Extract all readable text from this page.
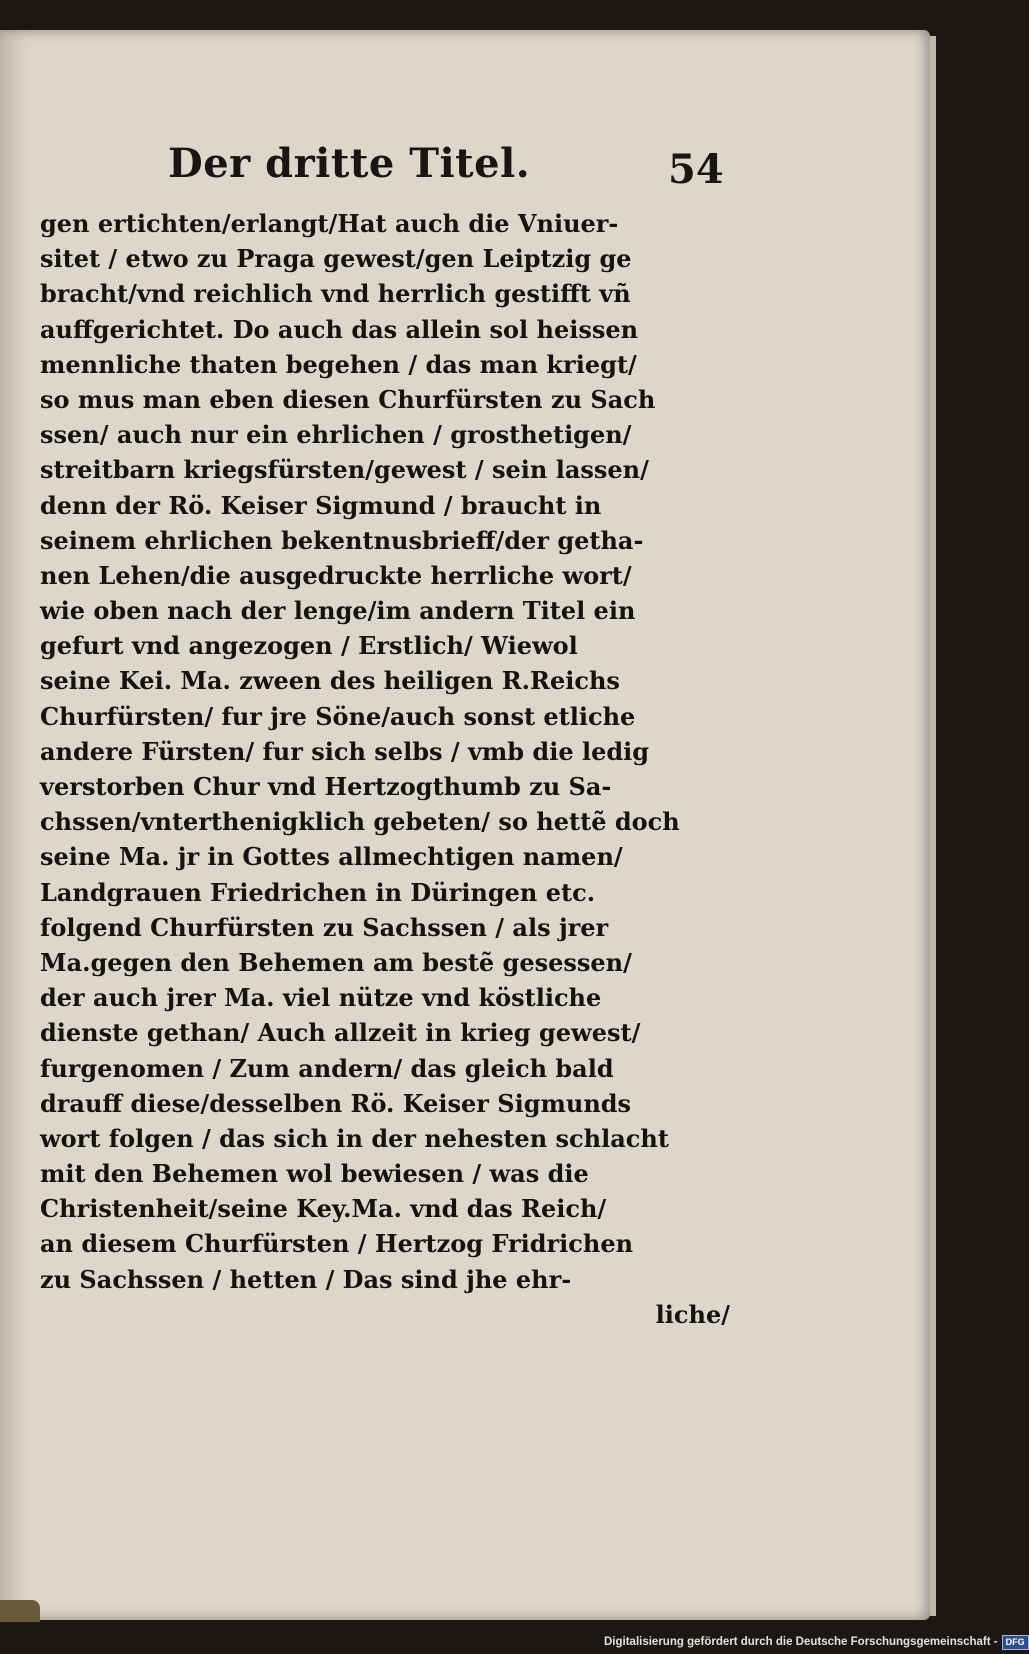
Der dritte Titel.	54
gen ertichten/erlangt/Hat auch die Vniuer-
sitet / etwo zu Praga gewest/gen Leiptzig ge
bracht/vnd reichlich vnd herrlich gestifft vñ
auffgerichtet. Do auch das allein sol heissen
mennliche thaten begehen / das man kriegt/
so mus man eben diesen Churfürsten zu Sach
ssen/ auch nur ein ehrlichen / grosthetigen/
streitbarn kriegsfürsten/gewest / sein lassen/
denn der Rö. Keiser Sigmund / braucht in
seinem ehrlichen bekentnusbrieff/der getha-
nen Lehen/die ausgedruckte herrliche wort/
wie oben nach der lenge/im andern Titel ein
gefurt vnd angezogen / Erstlich/ Wiewol
seine Kei. Ma. zween des heiligen R.Reichs
Churfürsten/ fur jre Söne/auch sonst etliche
andere Fürsten/ fur sich selbs / vmb die ledig
verstorben Chur vnd Hertzogthumb zu Sa-
chssen/vnterthenigklich gebeten/ so hettẽ doch
seine Ma. jr in Gottes allmechtigen namen/
Landgrauen Friedrichen in Düringen etc.
folgend Churfürsten zu Sachssen / als jrer
Ma.gegen den Behemen am bestẽ gesessen/
der auch jrer Ma. viel nütze vnd köstliche
dienste gethan/ Auch allzeit in krieg gewest/
furgenomen / Zum andern/ das gleich bald
drauff diese/desselben Rö. Keiser Sigmunds
wort folgen / das sich in der nehesten schlacht
mit den Behemen wol bewiesen / was die
Christenheit/seine Key.Ma. vnd das Reich/
an diesem Churfürsten / Hertzog Fridrichen
zu Sachssen / hetten / Das sind jhe ehr-
liche/
Digitalisierung gefördert durch die Deutsche Forschungsgemeinschaft - DFG
